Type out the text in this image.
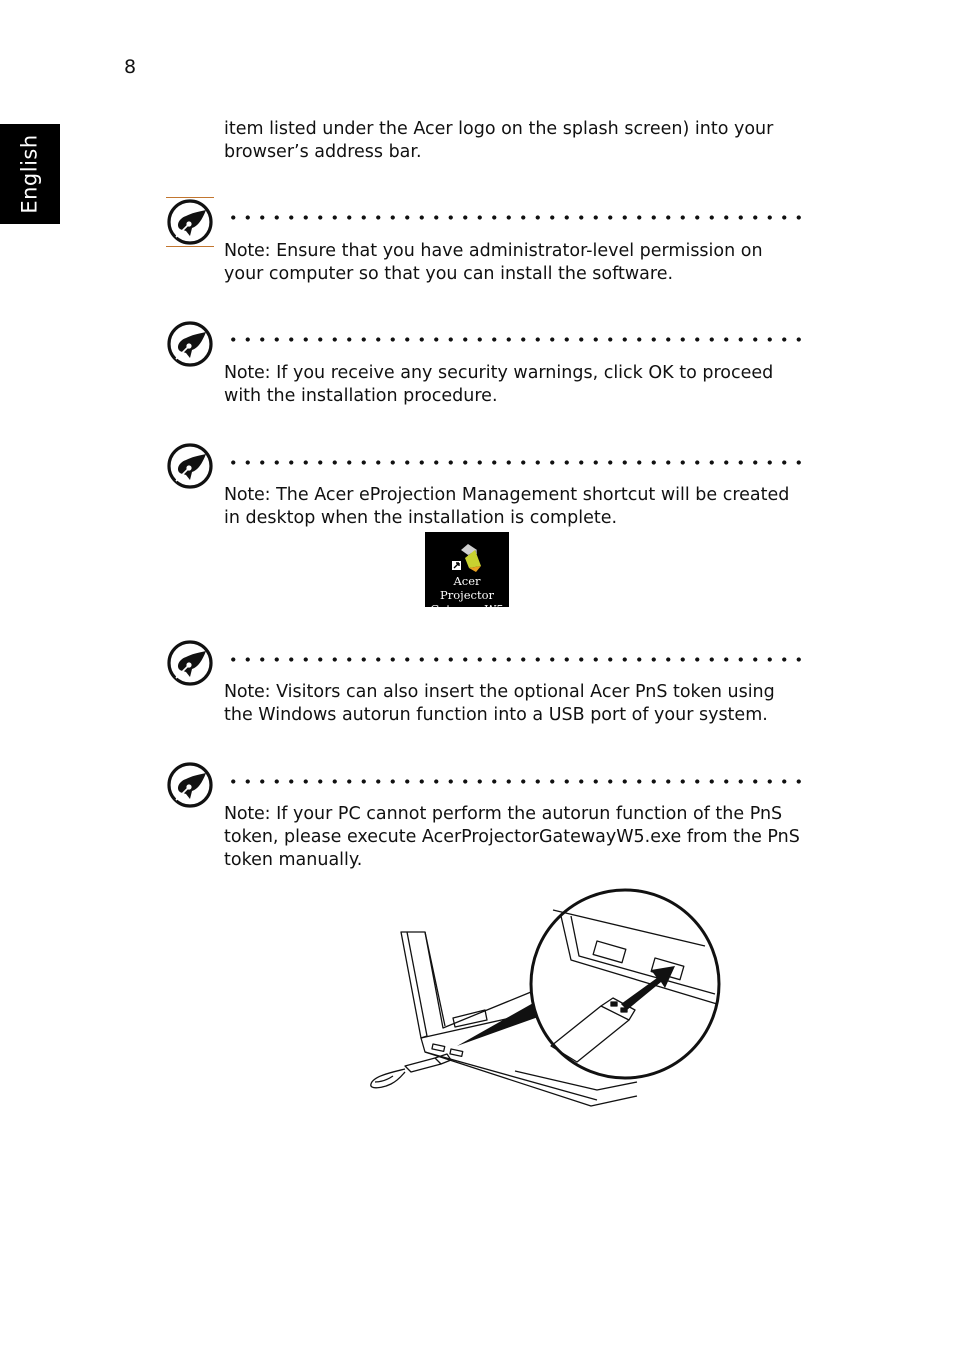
8
English
item listed under the Acer logo on the splash screen) into your browser’s address bar.
Note: Ensure that you have administrator-level permission on your computer so that you can install the software.
Note: If you receive any security warnings, click OK to proceed with the installation procedure.
Note: The Acer eProjection Management shortcut will be created in desktop when the installation is complete.
Acer Projector
Gateway W5
Note: Visitors can also insert the optional Acer PnS token using the Windows autorun function into a USB port of your system.
Note: If your PC cannot perform the autorun function of the PnS token, please execute AcerProjectorGatewayW5.exe from the PnS token manually.
